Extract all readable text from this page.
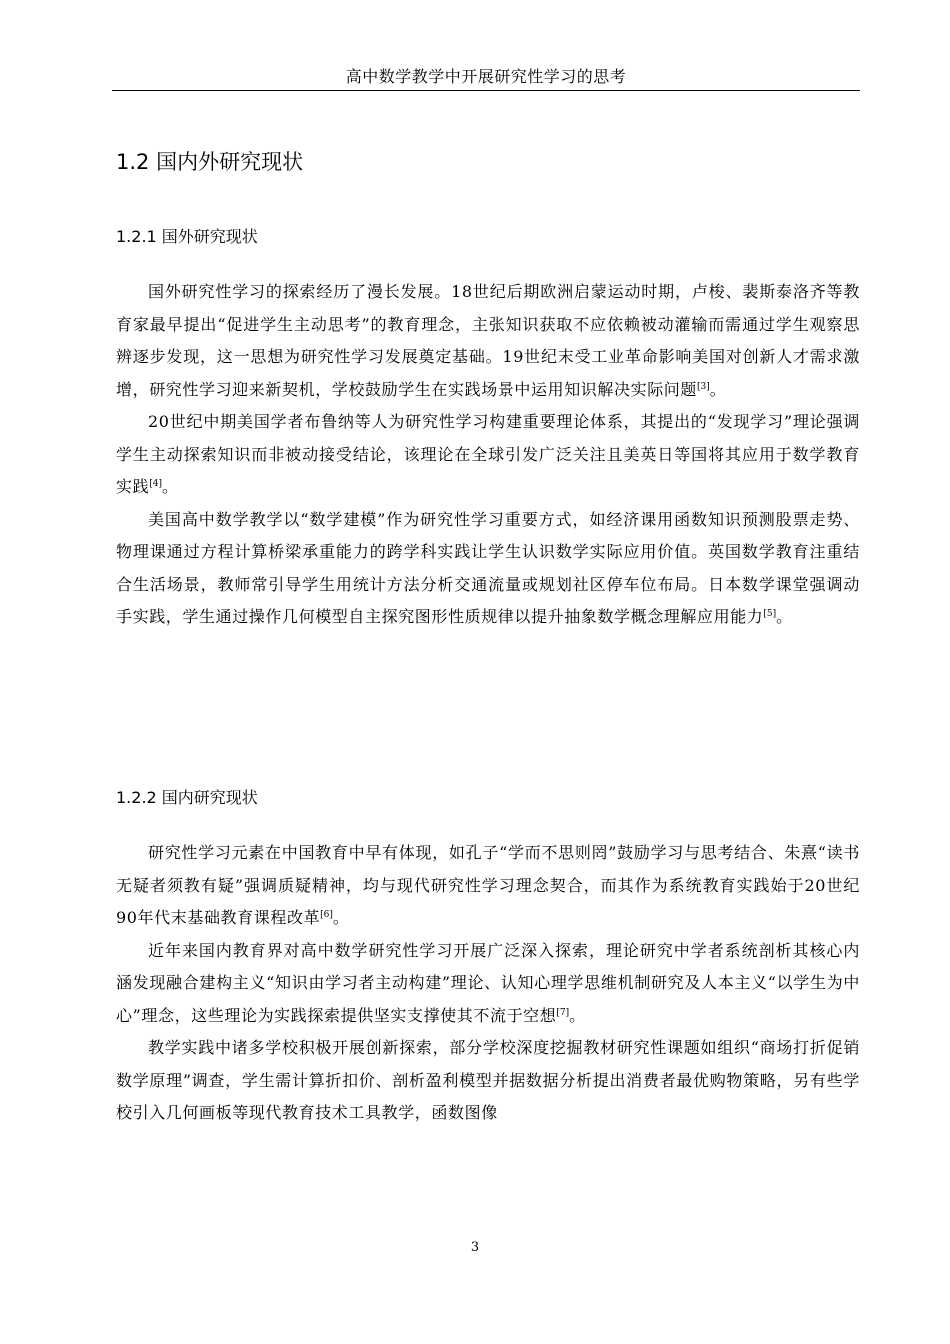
高中数学教学中开展研究性学习的思考
1.2 国内外研究现状
1.2.1 国外研究现状

国外研究性学习的探索经历了漫长发展。18世纪后期欧洲启蒙运动时期，卢梭、裴斯泰洛齐等教育家最早提出“促进学生主动思考”的教育理念，主张知识获取不应依赖被动灌输而需通过学生观察思辨逐步发现，这一思想为研究性学习发展奠定基础。19世纪末受工业革命影响美国对创新人才需求激增，研究性学习迎来新契机，学校鼓励学生在实践场景中运用知识解决实际问题[3]。

20世纪中期美国学者布鲁纳等人为研究性学习构建重要理论体系，其提出的“发现学习”理论强调学生主动探索知识而非被动接受结论，该理论在全球引发广泛关注且美英日等国将其应用于数学教育实践[4]。

美国高中数学教学以“数学建模”作为研究性学习重要方式，如经济课用函数知识预测股票走势、物理课通过方程计算桥梁承重能力的跨学科实践让学生认识数学实际应用价值。英国数学教育注重结合生活场景，教师常引导学生用统计方法分析交通流量或规划社区停车位布局。日本数学课堂强调动手实践，学生通过操作几何模型自主探究图形性质规律以提升抽象数学概念理解应用能力[5]。

1.2.2 国内研究现状

研究性学习元素在中国教育中早有体现，如孔子“学而不思则罔”鼓励学习与思考结合、朱熹“读书无疑者须教有疑”强调质疑精神，均与现代研究性学习理念契合，而其作为系统教育实践始于20世纪90年代末基础教育课程改革[6]。

近年来国内教育界对高中数学研究性学习开展广泛深入探索，理论研究中学者系统剖析其核心内涵发现融合建构主义“知识由学习者主动构建”理论、认知心理学思维机制研究及人本主义“以学生为中心”理念，这些理论为实践探索提供坚实支撑使其不流于空想[7]。

教学实践中诸多学校积极开展创新探索，部分学校深度挖掘教材研究性课题如组织“商场打折促销数学原理”调查，学生需计算折扣价、剖析盈利模型并据数据分析提出消费者最优购物策略，另有些学校引入几何画板等现代教育技术工具教学，函数图像

3
